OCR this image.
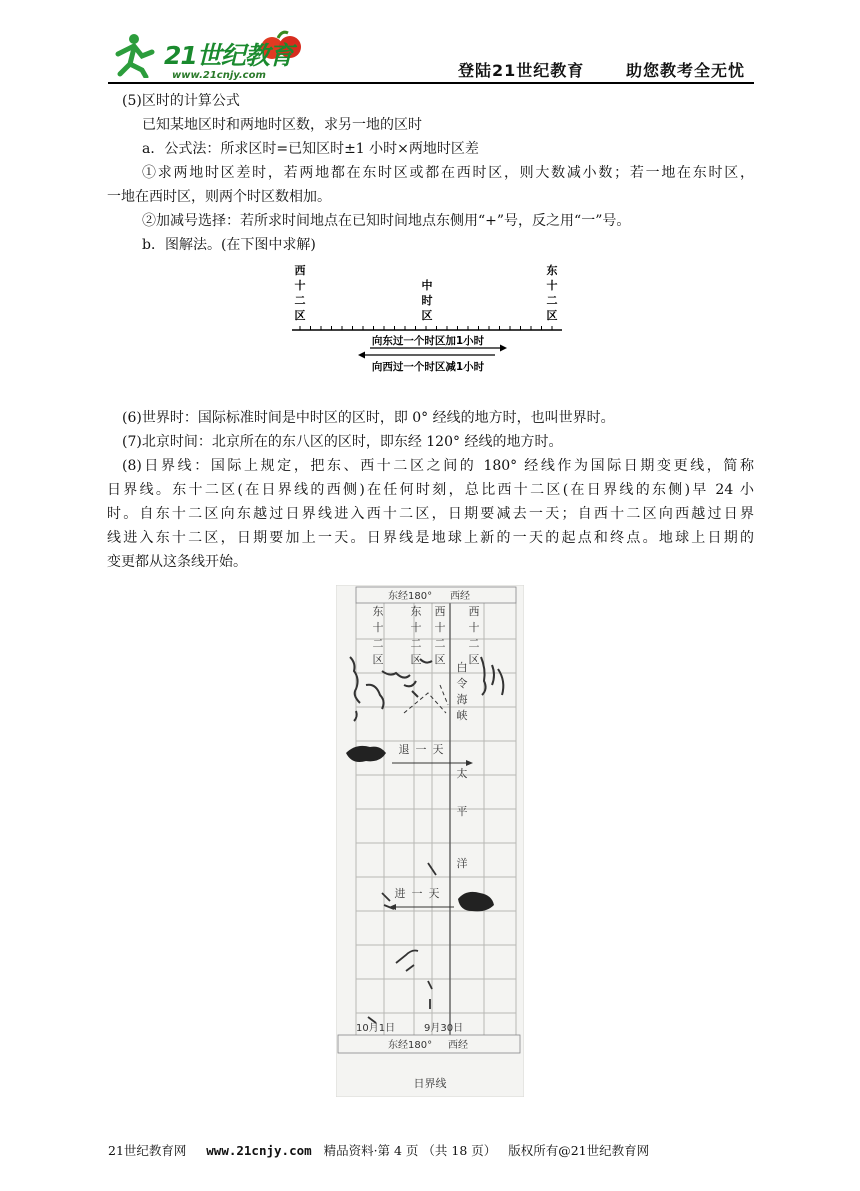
21世纪教育
www.21cnjy.com	登陆21世纪教育	助您教考全无忧
(5)区时的计算公式
已知某地区时和两地时区数，求另一地的区时
a．公式法：所求区时=已知区时±1 小时×两地时区差
①求两地时区差时，若两地都在东时区或都在西时区，则大数减小数；若一地在东时区，
一地在西时区，则两个时区数相加。
②加减号选择：若所求时间地点在已知时间地点东侧用“+”号，反之用“一”号。
b．图解法。(在下图中求解)
西
十
二
区
中
时
区
东
十
二
区
向东过一个时区加1小时
向西过一个时区减1小时
(6)世界时：国际标准时间是中时区的区时，即 0° 经线的地方时，也叫世界时。
(7)北京时间：北京所在的东八区的区时，即东经 120° 经线的地方时。
(8)日界线：国际上规定，把东、西十二区之间的 180° 经线作为国际日期变更线，简称
日界线。东十二区(在日界线的西侧)在任何时刻，总比西十二区(在日界线的东侧)早 24 小
时。自东十二区向东越过日界线进入西十二区，日期要减去一天；自西十二区向西越过日界
线进入东十二区，日期要加上一天。日界线是地球上新的一天的起点和终点。地球上日期的
变更都从这条线开始。
东经180° 西经
东
十
二
区
东
十
二
区
西
十
二
区
西
十
二
区
白
令
海
峡
退一天
太
平
洋
进一天
10月1日	9月30日
东经180° 西经
日界线
21世纪教育网 www.21cnjy.com 精品资料·第 4 页 （共 18 页） 版权所有@21世纪教育网
